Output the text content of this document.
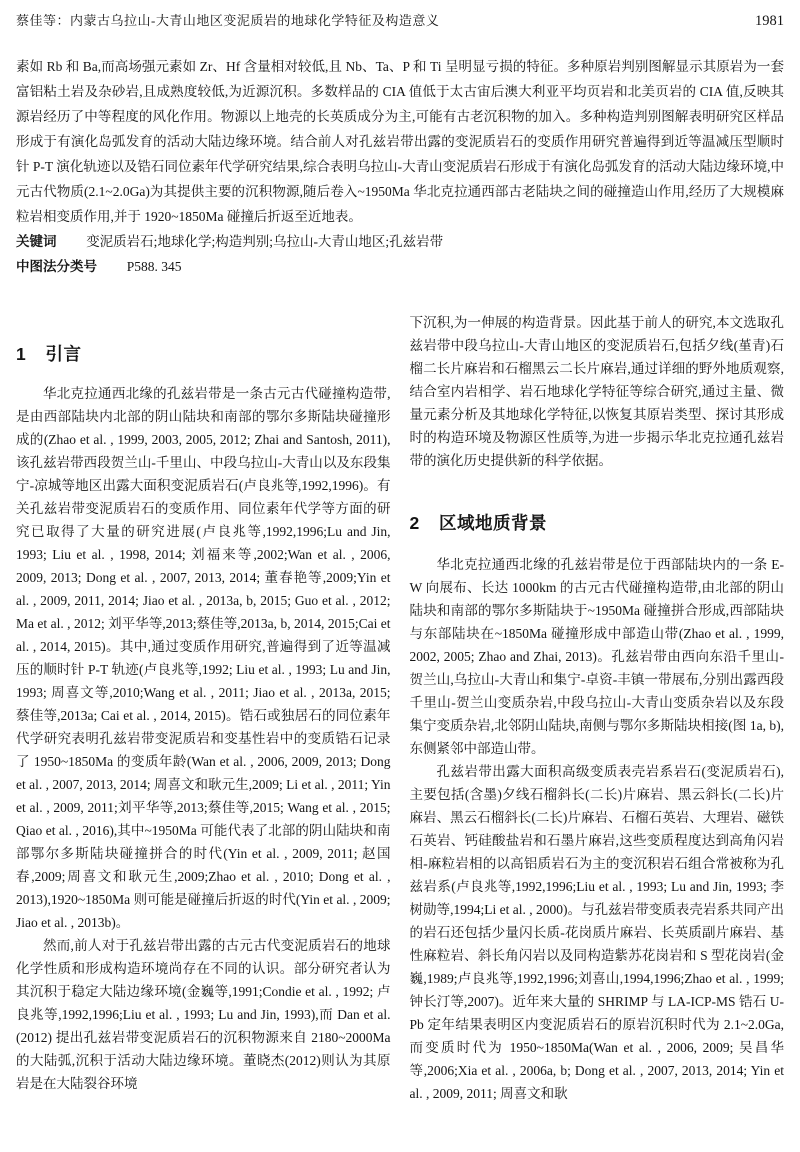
蔡佳等：内蒙古乌拉山-大青山地区变泥质岩的地球化学特征及构造意义	1981

素如 Rb 和 Ba,而高场强元素如 Zr、Hf 含量相对较低,且 Nb、Ta、P 和 Ti 呈明显亏损的特征。多种原岩判别图解显示其原岩为一套富铝粘土岩及杂砂岩,且成熟度较低,为近源沉积。多数样品的 CIA 值低于太古宙后澳大利亚平均页岩和北美页岩的 CIA 值,反映其源岩经历了中等程度的风化作用。物源以上地壳的长英质成分为主,可能有古老沉积物的加入。多种构造判别图解表明研究区样品形成于有演化岛弧发育的活动大陆边缘环境。结合前人对孔兹岩带出露的变泥质岩石的变质作用研究普遍得到近等温减压型顺时针 P-T 演化轨迹以及锆石同位素年代学研究结果,综合表明乌拉山-大青山变泥质岩石形成于有演化岛弧发育的活动大陆边缘环境,中元古代物质(2.1~2.0Ga)为其提供主要的沉积物源,随后卷入~1950Ma 华北克拉通西部古老陆块之间的碰撞造山作用,经历了大规模麻粒岩相变质作用,并于 1920~1850Ma 碰撞后折返至近地表。

关键词 变泥质岩石;地球化学;构造判别;乌拉山-大青山地区;孔兹岩带
中图法分类号 P588. 345
1 引言

华北克拉通西北缘的孔兹岩带是一条古元古代碰撞构造带,是由西部陆块内北部的阴山陆块和南部的鄂尔多斯陆块碰撞形成的(Zhao et al. , 1999, 2003, 2005, 2012; Zhai and Santosh, 2011),该孔兹岩带西段贺兰山-千里山、中段乌拉山-大青山以及东段集宁-凉城等地区出露大面积变泥质岩石(卢良兆等,1992,1996)。有关孔兹岩带变泥质岩石的变质作用、同位素年代学等方面的研究已取得了大量的研究进展(卢良兆等,1992,1996;Lu and Jin, 1993; Liu et al. , 1998, 2014; 刘福来等,2002;Wan et al. , 2006, 2009, 2013; Dong et al. , 2007, 2013, 2014; 董春艳等,2009;Yin et al. , 2009, 2011, 2014; Jiao et al. , 2013a, b, 2015; Guo et al. , 2012; Ma et al. , 2012; 刘平华等,2013;蔡佳等,2013a, b, 2014, 2015;Cai et al. , 2014, 2015)。其中,通过变质作用研究,普遍得到了近等温减压的顺时针 P-T 轨迹(卢良兆等,1992; Liu et al. , 1993; Lu and Jin, 1993; 周喜文等,2010;Wang et al. , 2011; Jiao et al. , 2013a, 2015; 蔡佳等,2013a; Cai et al. , 2014, 2015)。锆石或独居石的同位素年代学研究表明孔兹岩带变泥质岩和变基性岩中的变质锆石记录了 1950~1850Ma 的变质年龄(Wan et al. , 2006, 2009, 2013; Dong et al. , 2007, 2013, 2014; 周喜文和耿元生,2009; Li et al. , 2011; Yin et al. , 2009, 2011;刘平华等,2013;蔡佳等,2015; Wang et al. , 2015; Qiao et al. , 2016),其中~1950Ma 可能代表了北部的阴山陆块和南部鄂尔多斯陆块碰撞拼合的时代(Yin et al. , 2009, 2011; 赵国春,2009;周喜文和耿元生,2009;Zhao et al. , 2010; Dong et al. , 2013),1920~1850Ma 则可能是碰撞后折返的时代(Yin et al. , 2009; Jiao et al. , 2013b)。

然而,前人对于孔兹岩带出露的古元古代变泥质岩石的地球化学性质和形成构造环境尚存在不同的认识。部分研究者认为其沉积于稳定大陆边缘环境(金巍等,1991;Condie et al. , 1992; 卢良兆等,1992,1996;Liu et al. , 1993; Lu and Jin, 1993),而 Dan et al. (2012) 提出孔兹岩带变泥质岩石的沉积物源来自 2180~2000Ma 的大陆弧,沉积于活动大陆边缘环境。董晓杰(2012)则认为其原岩是在大陆裂谷环境

下沉积,为一伸展的构造背景。因此基于前人的研究,本文选取孔兹岩带中段乌拉山-大青山地区的变泥质岩石,包括夕线(堇青)石榴二长片麻岩和石榴黑云二长片麻岩,通过详细的野外地质观察,结合室内岩相学、岩石地球化学特征等综合研究,通过主量、微量元素分析及其地球化学特征,以恢复其原岩类型、探讨其形成时的构造环境及物源区性质等,为进一步揭示华北克拉通孔兹岩带的演化历史提供新的科学依据。

2 区域地质背景

华北克拉通西北缘的孔兹岩带是位于西部陆块内的一条 E-W 向展布、长达 1000km 的古元古代碰撞构造带,由北部的阴山陆块和南部的鄂尔多斯陆块于~1950Ma 碰撞拼合形成,西部陆块与东部陆块在~1850Ma 碰撞形成中部造山带(Zhao et al. , 1999, 2002, 2005; Zhao and Zhai, 2013)。孔兹岩带由西向东沿千里山-贺兰山,乌拉山-大青山和集宁-卓资-丰镇一带展布,分别出露西段千里山-贺兰山变质杂岩,中段乌拉山-大青山变质杂岩以及东段集宁变质杂岩,北邻阴山陆块,南侧与鄂尔多斯陆块相接(图 1a, b),东侧紧邻中部造山带。

孔兹岩带出露大面积高级变质表壳岩系岩石(变泥质岩石),主要包括(含墨)夕线石榴斜长(二长)片麻岩、黑云斜长(二长)片麻岩、黑云石榴斜长(二长)片麻岩、石榴石英岩、大理岩、磁铁石英岩、钙硅酸盐岩和石墨片麻岩,这些变质程度达到高角闪岩相-麻粒岩相的以高铝质岩石为主的变沉积岩石组合常被称为孔兹岩系(卢良兆等,1992,1996;Liu et al. , 1993; Lu and Jin, 1993; 李树勋等,1994;Li et al. , 2000)。与孔兹岩带变质表壳岩系共同产出的岩石还包括少量闪长质-花岗质片麻岩、长英质副片麻岩、基性麻粒岩、斜长角闪岩以及同构造紫苏花岗岩和 S 型花岗岩(金巍,1989;卢良兆等,1992,1996;刘喜山,1994,1996;Zhao et al. , 1999;钟长汀等,2007)。近年来大量的 SHRIMP 与 LA-ICP-MS 锆石 U-Pb 定年结果表明区内变泥质岩石的原岩沉积时代为 2.1~2.0Ga,而变质时代为 1950~1850Ma(Wan et al. , 2006, 2009; 吴昌华等,2006;Xia et al. , 2006a, b; Dong et al. , 2007, 2013, 2014; Yin et al. , 2009, 2011; 周喜文和耿
